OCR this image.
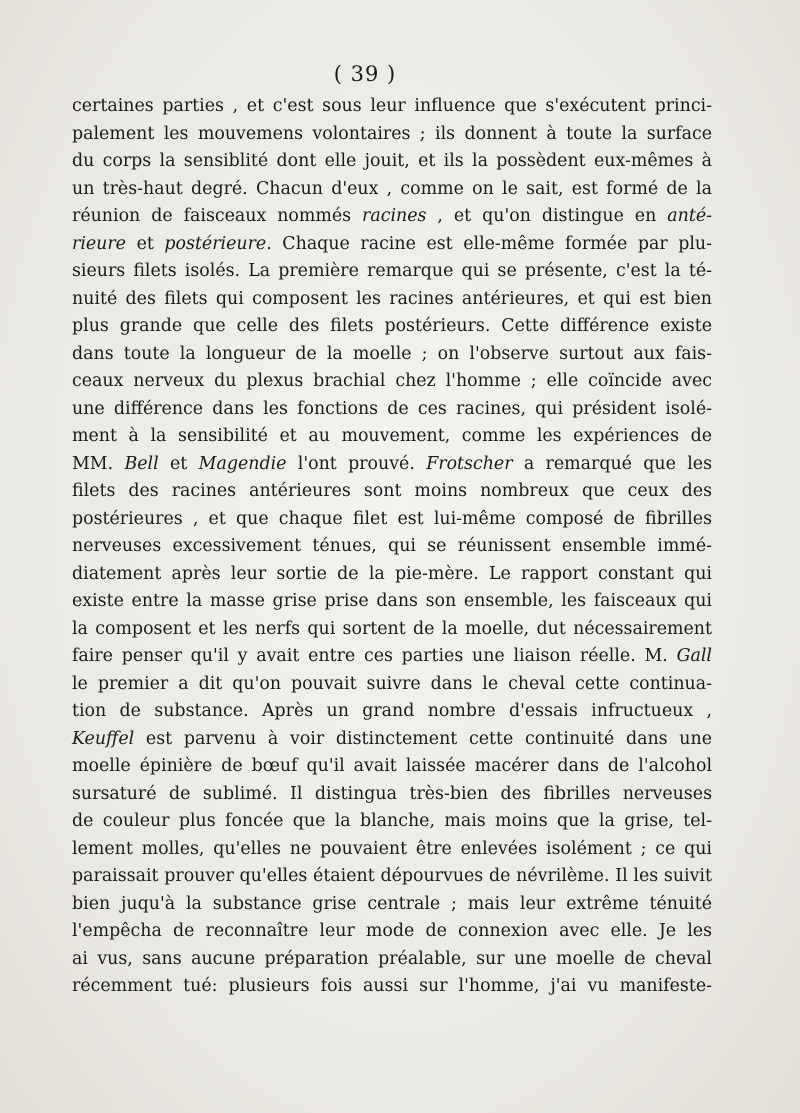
( 39 )
certaines parties , et c'est sous leur influence que s'exécutent princi-
palement les mouvemens volontaires ; ils donnent à toute la surface
du corps la sensiblité dont elle jouit, et ils la possèdent eux-mêmes à
un très-haut degré. Chacun d'eux , comme on le sait, est formé de la
réunion de faisceaux nommés racines , et qu'on distingue en anté-
rieure et postérieure. Chaque racine est elle-même formée par plu-
sieurs filets isolés. La première remarque qui se présente, c'est la té-
nuité des filets qui composent les racines antérieures, et qui est bien
plus grande que celle des filets postérieurs. Cette différence existe
dans toute la longueur de la moelle ; on l'observe surtout aux fais-
ceaux nerveux du plexus brachial chez l'homme ; elle coïncide avec
une différence dans les fonctions de ces racines, qui président isolé-
ment à la sensibilité et au mouvement, comme les expériences de
MM. Bell et Magendie l'ont prouvé. Frotscher a remarqué que les
filets des racines antérieures sont moins nombreux que ceux des
postérieures , et que chaque filet est lui-même composé de fibrilles
nerveuses excessivement ténues, qui se réunissent ensemble immé-
diatement après leur sortie de la pie-mère. Le rapport constant qui
existe entre la masse grise prise dans son ensemble, les faisceaux qui
la composent et les nerfs qui sortent de la moelle, dut nécessairement
faire penser qu'il y avait entre ces parties une liaison réelle. M. Gall
le premier a dit qu'on pouvait suivre dans le cheval cette continua-
tion de substance. Après un grand nombre d'essais infructueux ,
Keuffel est parvenu à voir distinctement cette continuité dans une
moelle épinière de bœuf qu'il avait laissée macérer dans de l'alcohol
sursaturé de sublimé. Il distingua très-bien des fibrilles nerveuses
de couleur plus foncée que la blanche, mais moins que la grise, tel-
lement molles, qu'elles ne pouvaient être enlevées isolément ; ce qui
paraissait prouver qu'elles étaient dépourvues de névrilème. Il les suivit
bien juqu'à la substance grise centrale ; mais leur extrême ténuité
l'empêcha de reconnaître leur mode de connexion avec elle. Je les
ai vus, sans aucune préparation préalable, sur une moelle de cheval
récemment tué: plusieurs fois aussi sur l'homme, j'ai vu manifeste-
